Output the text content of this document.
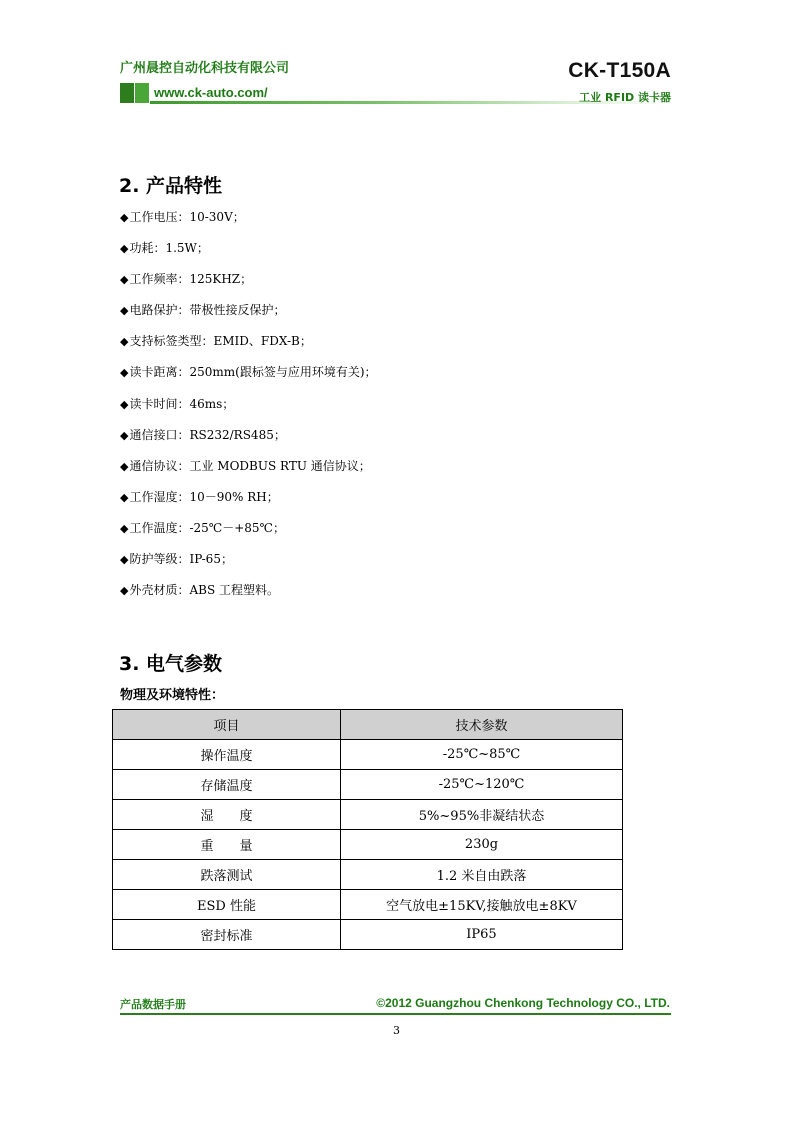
广州晨控自动化科技有限公司	CK-T150A
www.ck-auto.com/	工业 RFID 读卡器
2. 产品特性
◆工作电压：10-30V；
◆功耗：1.5W；
◆工作频率：125KHZ；
◆电路保护：带极性接反保护；
◆支持标签类型：EMID、FDX-B；
◆读卡距离：250mm(跟标签与应用环境有关)；
◆读卡时间：46ms；
◆通信接口：RS232/RS485；
◆通信协议：工业 MODBUS RTU 通信协议；
◆工作湿度：10－90% RH；
◆工作温度：-25℃－+85℃；
◆防护等级：IP-65；
◆外壳材质：ABS 工程塑料。
3. 电气参数
物理及环境特性：
项目	技术参数
操作温度	-25℃~85℃
存储温度	-25℃~120℃
湿　　度	5%~95%非凝结状态
重　　量	230g
跌落测试	1.2 米自由跌落
ESD 性能	空气放电±15KV,接触放电±8KV
密封标准	IP65
产品数据手册	©2012 Guangzhou Chenkong Technology CO., LTD.
3
